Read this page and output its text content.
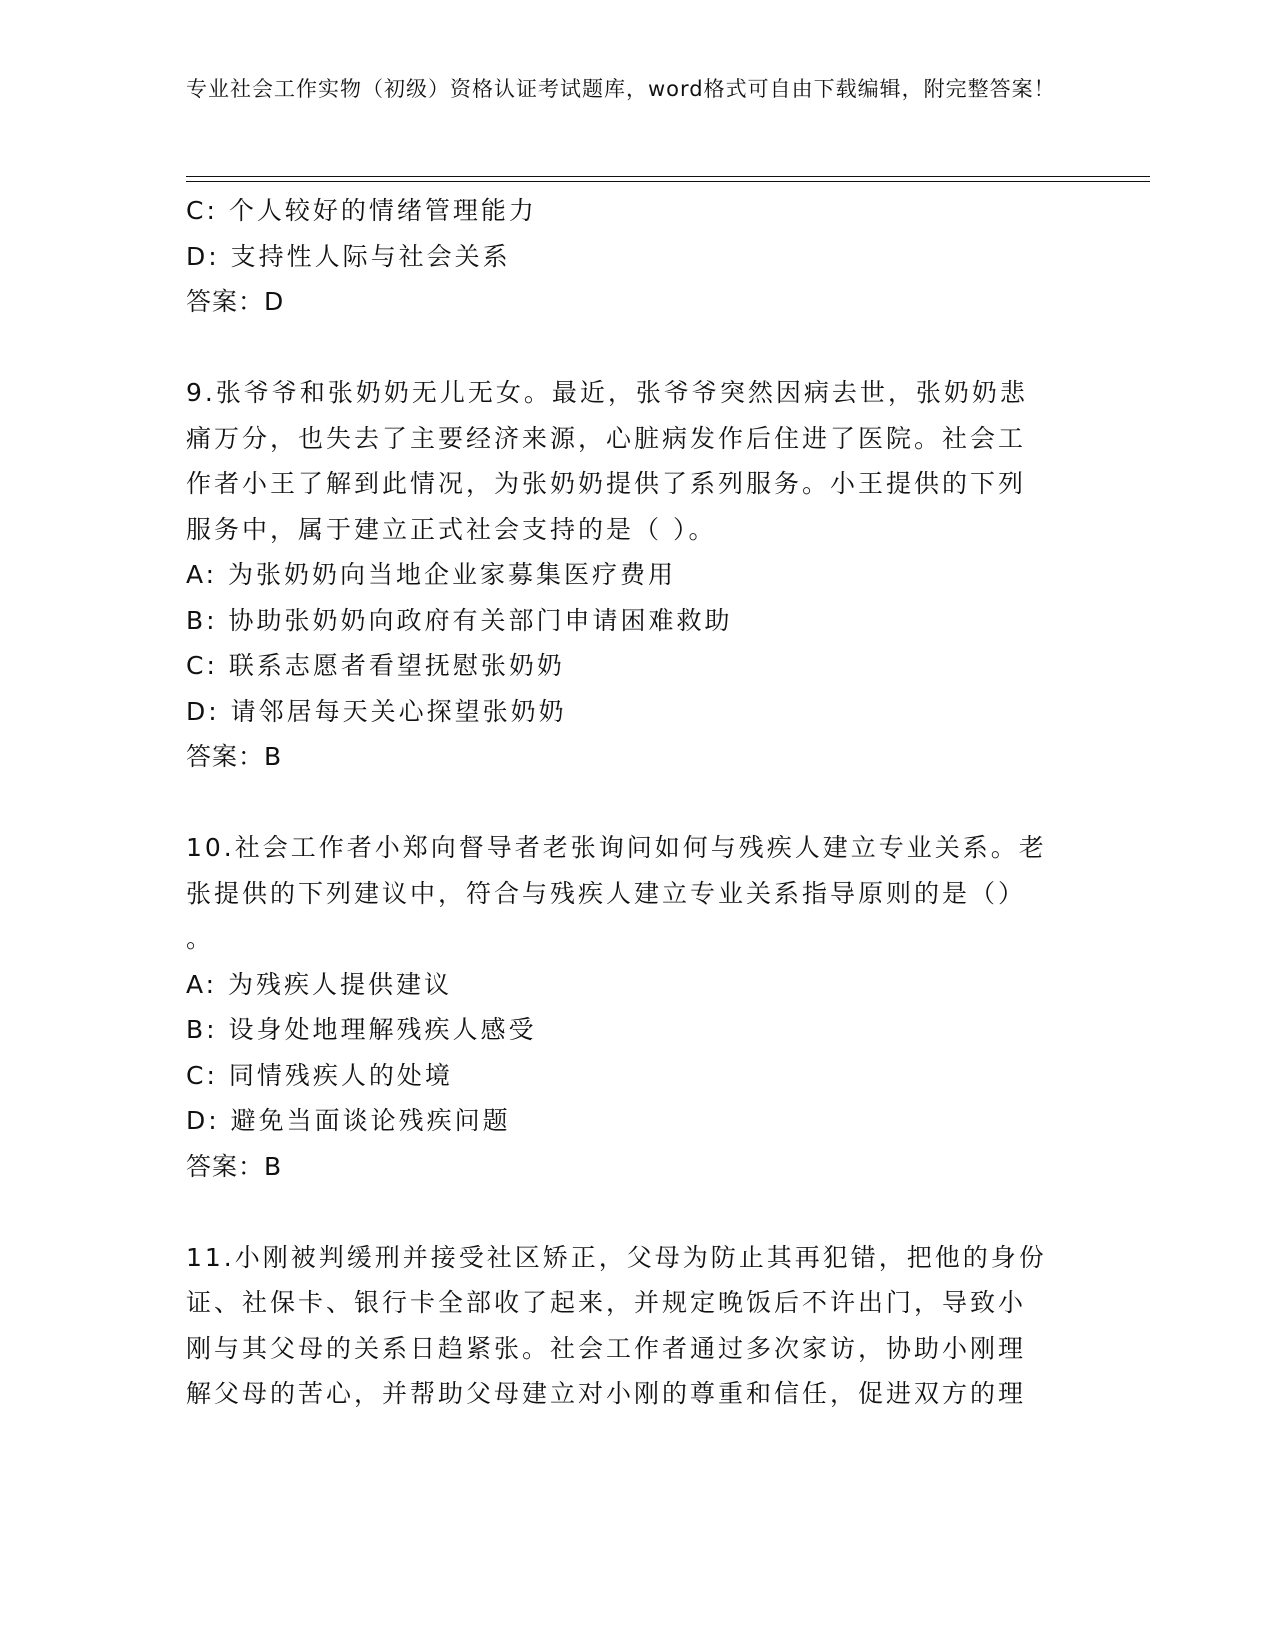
专业社会工作实物（初级）资格认证考试题库，word格式可自由下载编辑，附完整答案！

C: 个人较好的情绪管理能力

D: 支持性人际与社会关系

答案：D

9.张爷爷和张奶奶无儿无女。最近，张爷爷突然因病去世，张奶奶悲

痛万分，也失去了主要经济来源，心脏病发作后住进了医院。社会工

作者小王了解到此情况，为张奶奶提供了系列服务。小王提供的下列

服务中，属于建立正式社会支持的是（ ）。

A: 为张奶奶向当地企业家募集医疗费用

B: 协助张奶奶向政府有关部门申请困难救助

C: 联系志愿者看望抚慰张奶奶

D: 请邻居每天关心探望张奶奶

答案：B

10.社会工作者小郑向督导者老张询问如何与残疾人建立专业关系。老

张提供的下列建议中，符合与残疾人建立专业关系指导原则的是（）

。

A: 为残疾人提供建议

B: 设身处地理解残疾人感受

C: 同情残疾人的处境

D: 避免当面谈论残疾问题

答案：B

11.小刚被判缓刑并接受社区矫正，父母为防止其再犯错，把他的身份

证、社保卡、银行卡全部收了起来，并规定晚饭后不许出门，导致小

刚与其父母的关系日趋紧张。社会工作者通过多次家访，协助小刚理

解父母的苦心，并帮助父母建立对小刚的尊重和信任，促进双方的理
